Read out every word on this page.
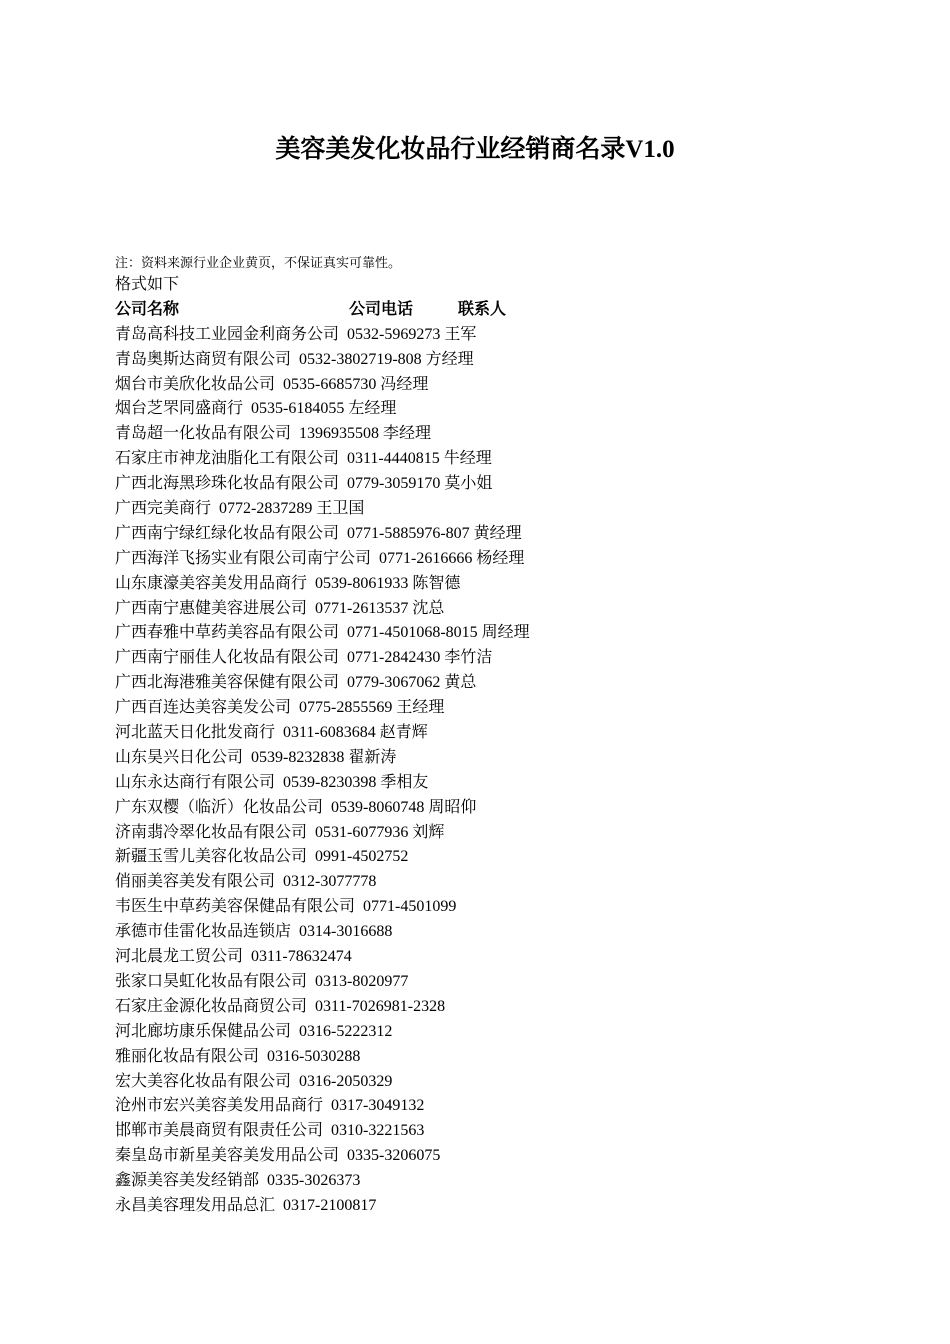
美容美发化妆品行业经销商名录V1.0
注：资料来源行业企业黄页，不保证真实可靠性。
格式如下
公司名称	公司电话	联系人
青岛高科技工业园金利商务公司 0532-5969273 王军
青岛奥斯达商贸有限公司 0532-3802719-808 方经理
烟台市美欣化妆品公司 0535-6685730 冯经理
烟台芝罘同盛商行 0535-6184055 左经理
青岛超一化妆品有限公司 1396935508 李经理
石家庄市神龙油脂化工有限公司 0311-4440815 牛经理
广西北海黑珍珠化妆品有限公司 0779-3059170 莫小姐
广西完美商行 0772-2837289 王卫国
广西南宁绿红绿化妆品有限公司 0771-5885976-807 黄经理
广西海洋飞扬实业有限公司南宁公司 0771-2616666 杨经理
山东康濠美容美发用品商行 0539-8061933 陈智德
广西南宁惠健美容进展公司 0771-2613537 沈总
广西春雅中草药美容品有限公司 0771-4501068-8015 周经理
广西南宁丽佳人化妆品有限公司 0771-2842430 李竹洁
广西北海港雅美容保健有限公司 0779-3067062 黄总
广西百连达美容美发公司 0775-2855569 王经理
河北蓝天日化批发商行 0311-6083684 赵青辉
山东昊兴日化公司 0539-8232838 翟新涛
山东永达商行有限公司 0539-8230398 季相友
广东双樱（临沂）化妆品公司 0539-8060748 周昭仰
济南翡冷翠化妆品有限公司 0531-6077936 刘辉
新疆玉雪儿美容化妆品公司 0991-4502752
俏丽美容美发有限公司 0312-3077778
韦医生中草药美容保健品有限公司 0771-4501099
承德市佳雷化妆品连锁店 0314-3016688
河北晨龙工贸公司 0311-78632474
张家口昊虹化妆品有限公司 0313-8020977
石家庄金源化妆品商贸公司 0311-7026981-2328
河北廊坊康乐保健品公司 0316-5222312
雅丽化妆品有限公司 0316-5030288
宏大美容化妆品有限公司 0316-2050329
沧州市宏兴美容美发用品商行 0317-3049132
邯郸市美晨商贸有限责任公司 0310-3221563
秦皇岛市新星美容美发用品公司 0335-3206075
鑫源美容美发经销部 0335-3026373
永昌美容理发用品总汇 0317-2100817
